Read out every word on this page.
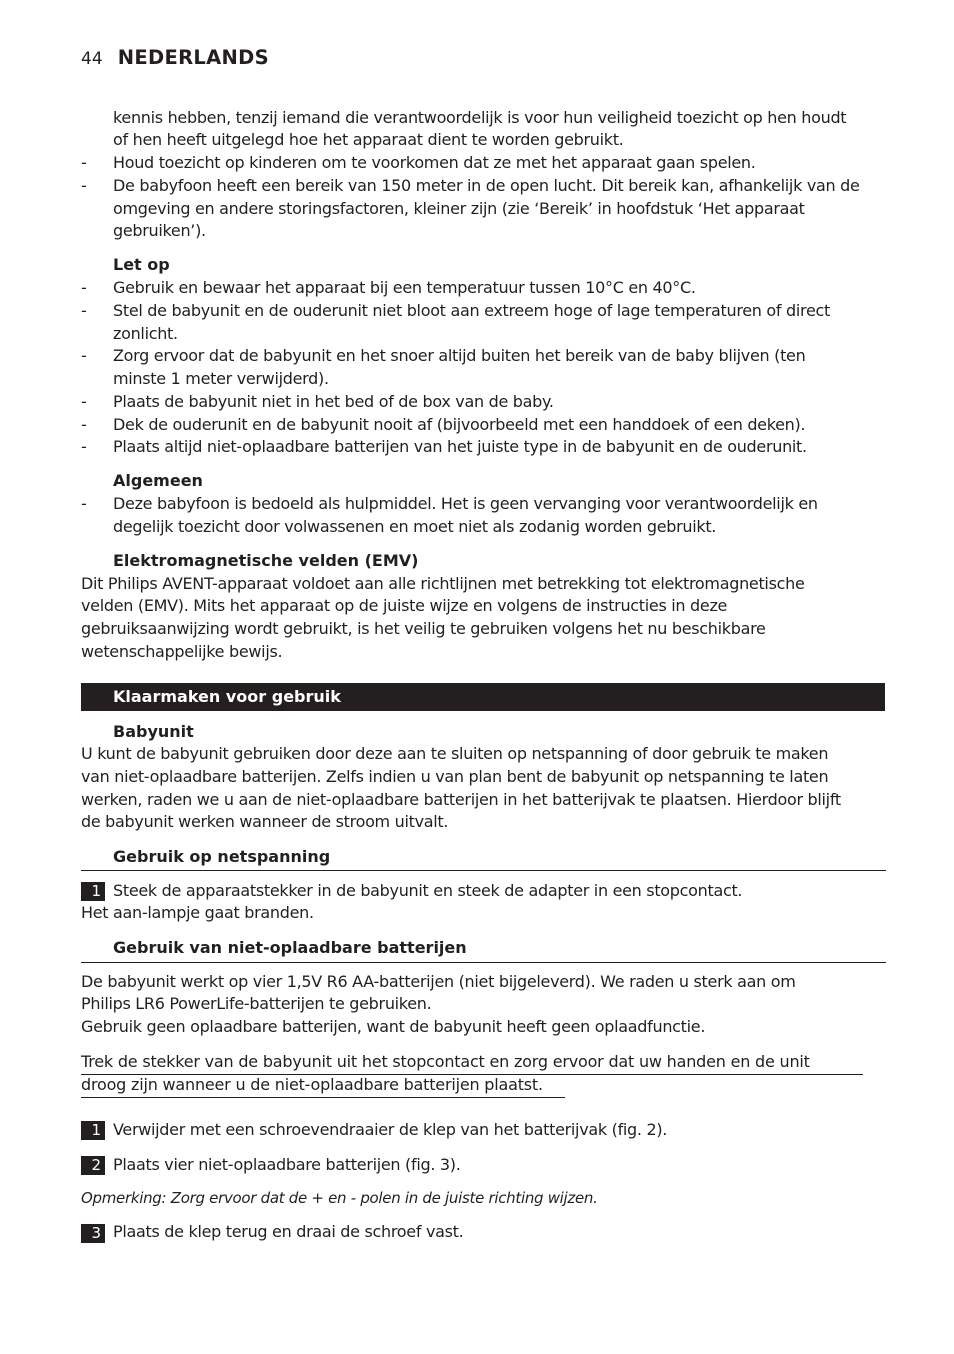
44 NEDERLANDS
kennis hebben, tenzij iemand die verantwoordelijk is voor hun veiligheid toezicht op hen houdt
of hen heeft uitgelegd hoe het apparaat dient te worden gebruikt.
- Houd toezicht op kinderen om te voorkomen dat ze met het apparaat gaan spelen.
- De babyfoon heeft een bereik van 150 meter in de open lucht. Dit bereik kan, afhankelijk van de
omgeving en andere storingsfactoren, kleiner zijn (zie ‘Bereik’ in hoofdstuk ‘Het apparaat
gebruiken’).
Let op
- Gebruik en bewaar het apparaat bij een temperatuur tussen 10°C en 40°C.
- Stel de babyunit en de ouderunit niet bloot aan extreem hoge of lage temperaturen of direct
zonlicht.
- Zorg ervoor dat de babyunit en het snoer altijd buiten het bereik van de baby blijven (ten
minste 1 meter verwijderd).
- Plaats de babyunit niet in het bed of de box van de baby.
- Dek de ouderunit en de babyunit nooit af (bijvoorbeeld met een handdoek of een deken).
- Plaats altijd niet-oplaadbare batterijen van het juiste type in de babyunit en de ouderunit.
Algemeen
- Deze babyfoon is bedoeld als hulpmiddel. Het is geen vervanging voor verantwoordelijk en
degelijk toezicht door volwassenen en moet niet als zodanig worden gebruikt.
Elektromagnetische velden (EMV)
Dit Philips AVENT-apparaat voldoet aan alle richtlijnen met betrekking tot elektromagnetische
velden (EMV). Mits het apparaat op de juiste wijze en volgens de instructies in deze
gebruiksaanwijzing wordt gebruikt, is het veilig te gebruiken volgens het nu beschikbare
wetenschappelijke bewijs.
Klaarmaken voor gebruik
Babyunit
U kunt de babyunit gebruiken door deze aan te sluiten op netspanning of door gebruik te maken
van niet-oplaadbare batterijen. Zelfs indien u van plan bent de babyunit op netspanning te laten
werken, raden we u aan de niet-oplaadbare batterijen in het batterijvak te plaatsen. Hierdoor blijft
de babyunit werken wanneer de stroom uitvalt.
Gebruik op netspanning
1 Steek de apparaatstekker in de babyunit en steek de adapter in een stopcontact.
Het aan-lampje gaat branden.
Gebruik van niet-oplaadbare batterijen
De babyunit werkt op vier 1,5V R6 AA-batterijen (niet bijgeleverd). We raden u sterk aan om
Philips LR6 PowerLife-batterijen te gebruiken.
Gebruik geen oplaadbare batterijen, want de babyunit heeft geen oplaadfunctie.
Trek de stekker van de babyunit uit het stopcontact en zorg ervoor dat uw handen en de unit
droog zijn wanneer u de niet-oplaadbare batterijen plaatst.
1 Verwijder met een schroevendraaier de klep van het batterijvak (fig. 2).
2 Plaats vier niet-oplaadbare batterijen (fig. 3).
Opmerking: Zorg ervoor dat de + en - polen in de juiste richting wijzen.
3 Plaats de klep terug en draai de schroef vast.
